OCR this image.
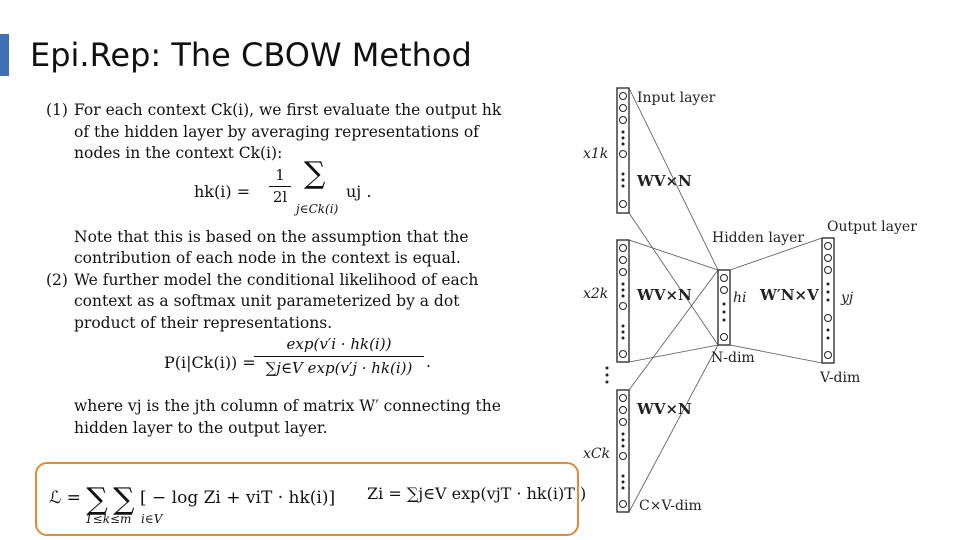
Epi.Rep: The CBOW Method
(1) For each context Ck(i), we first evaluate the output hk of the hidden layer by averaging representations of nodes in the context Ck(i):
$hk(i) = \frac{1}{2l}$ ∑
j∈Ck(i)
uj .
Note that this is based on the assumption that the contribution of each node in the context is equal.
(2) We further model the conditional likelihood of each context as a softmax unit parameterized by a dot product of their representations.
P(i|Ck(i)) =
exp(v′i · hk(i))
∑j∈V exp(v′j · hk(i)) .
where vj is the jth column of matrix W′ connecting the hidden layer to the output layer.
ℒ = ∑ ∑ [ − log Zi + viT · hk(i)]
1≤k≤m i∈V
Zi = ∑j∈V exp(vjT · hk(i)T )
Input layer
Hidden layer
Output layer
x1k
x2k
xCk
WV×N
WV×N
WV×N
hi W′N×V yj
N-dim
V-dim
C×V-dim
